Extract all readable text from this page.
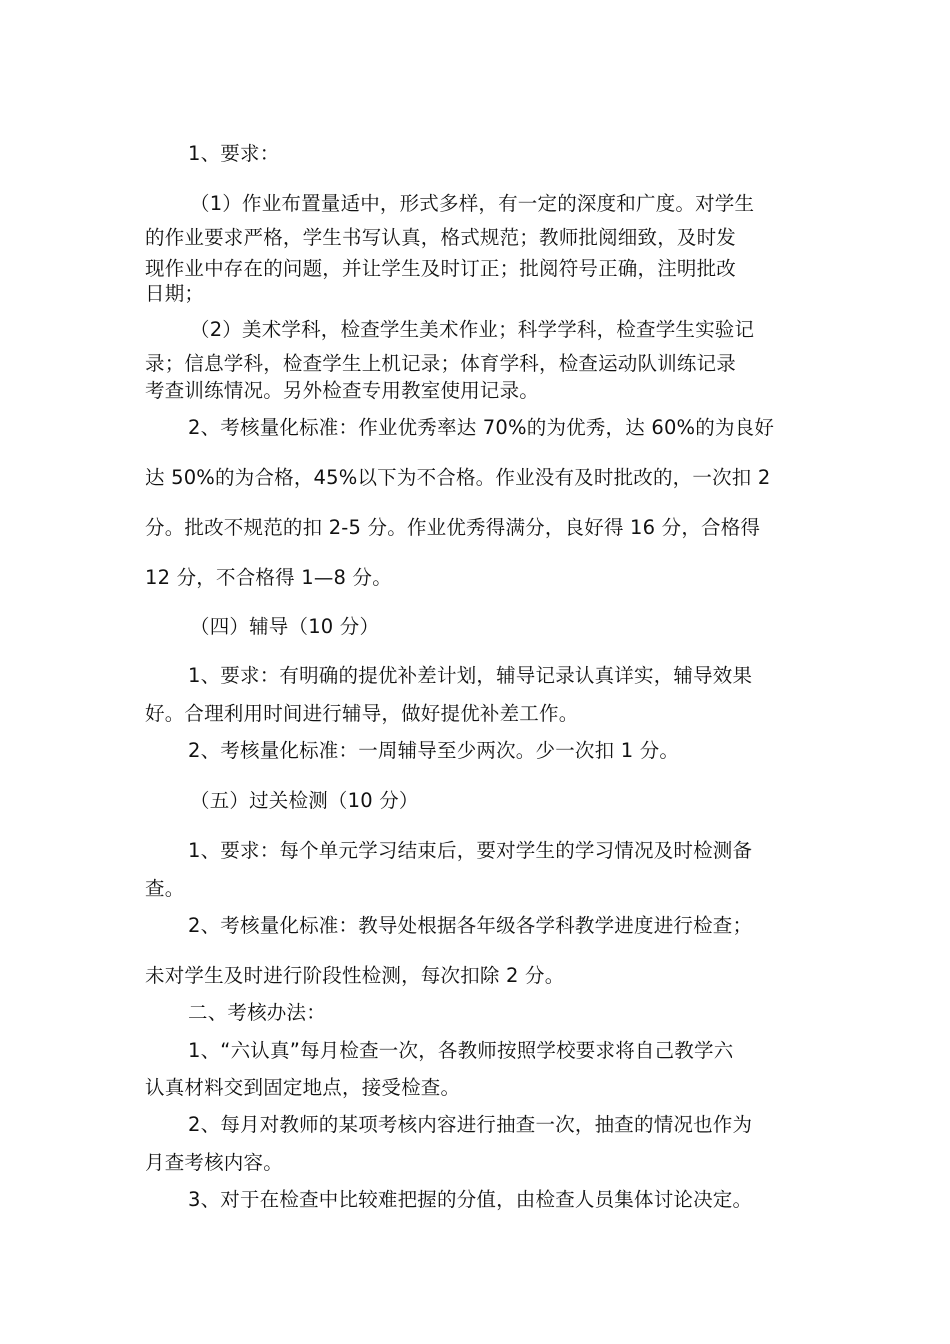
1、要求：
（1）作业布置量适中，形式多样，有一定的深度和广度。对学生
的作业要求严格，学生书写认真，格式规范；教师批阅细致，及时发
现作业中存在的问题，并让学生及时订正；批阅符号正确，注明批改
日期；
（2）美术学科，检查学生美术作业；科学学科，检查学生实验记
录；信息学科，检查学生上机记录；体育学科，检查运动队训练记录
考查训练情况。另外检查专用教室使用记录。
2、考核量化标准：作业优秀率达 70%的为优秀，达 60%的为良好
达 50%的为合格，45%以下为不合格。作业没有及时批改的，一次扣 2
分。批改不规范的扣 2-5 分。作业优秀得满分，良好得 16 分，合格得
12 分，不合格得 1—8 分。
（四）辅导（10 分）
1、要求：有明确的提优补差计划，辅导记录认真详实，辅导效果
好。合理利用时间进行辅导，做好提优补差工作。
2、考核量化标准：一周辅导至少两次。少一次扣 1 分。
（五）过关检测（10 分）
1、要求：每个单元学习结束后，要对学生的学习情况及时检测备
查。
2、考核量化标准：教导处根据各年级各学科教学进度进行检查；
未对学生及时进行阶段性检测，每次扣除 2 分。
二、考核办法：
1、“六认真”每月检查一次，各教师按照学校要求将自己教学六
认真材料交到固定地点，接受检查。
2、每月对教师的某项考核内容进行抽查一次，抽查的情况也作为
月查考核内容。
3、对于在检查中比较难把握的分值，由检查人员集体讨论决定。
